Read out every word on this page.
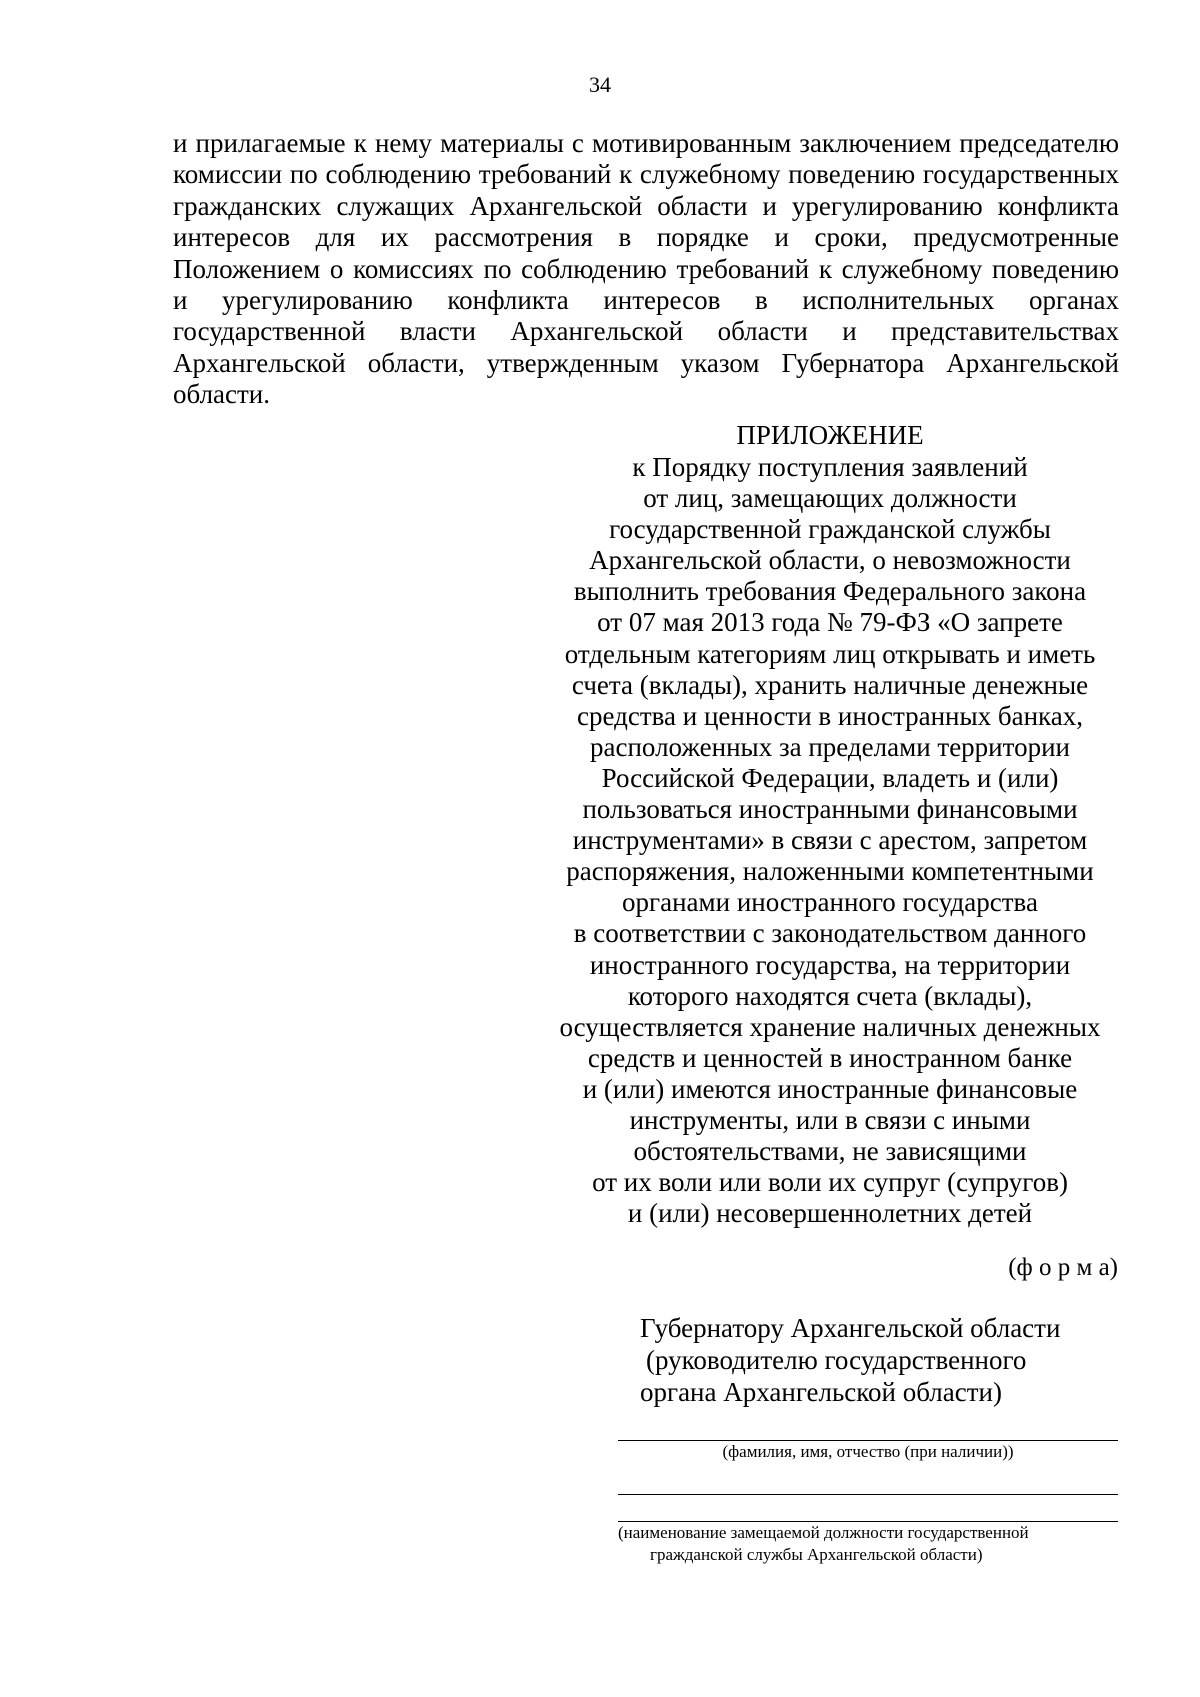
34
и прилагаемые к нему материалы с мотивированным заключением председателю
комиссии по соблюдению требований к служебному поведению государственных
гражданских служащих Архангельской области и урегулированию конфликта
интересов для их рассмотрения в порядке и сроки, предусмотренные
Положением о комиссиях по соблюдению требований к служебному поведению
и урегулированию конфликта интересов в исполнительных органах
государственной власти Архангельской области и представительствах
Архангельской области, утвержденным указом Губернатора Архангельской
области.
ПРИЛОЖЕНИЕ
к Порядку поступления заявлений
от лиц, замещающих должности
государственной гражданской службы
Архангельской области, о невозможности
выполнить требования Федерального закона
от 07 мая 2013 года № 79-ФЗ «О запрете
отдельным категориям лиц открывать и иметь
счета (вклады), хранить наличные денежные
средства и ценности в иностранных банках,
расположенных за пределами территории
Российской Федерации, владеть и (или)
пользоваться иностранными финансовыми
инструментами» в связи с арестом, запретом
распоряжения, наложенными компетентными
органами иностранного государства
в соответствии с законодательством данного
иностранного государства, на территории
которого находятся счета (вклады),
осуществляется хранение наличных денежных
средств и ценностей в иностранном банке
и (или) имеются иностранные финансовые
инструменты, или в связи с иными
обстоятельствами, не зависящими
от их воли или воли их супруг (супругов)
и (или) несовершеннолетних детей
(ф о р м а)
Губернатору Архангельской области
(руководителю государственного
органа Архангельской области)
(фамилия, имя, отчество (при наличии))
(наименование замещаемой должности государственной
гражданской службы Архангельской области)
